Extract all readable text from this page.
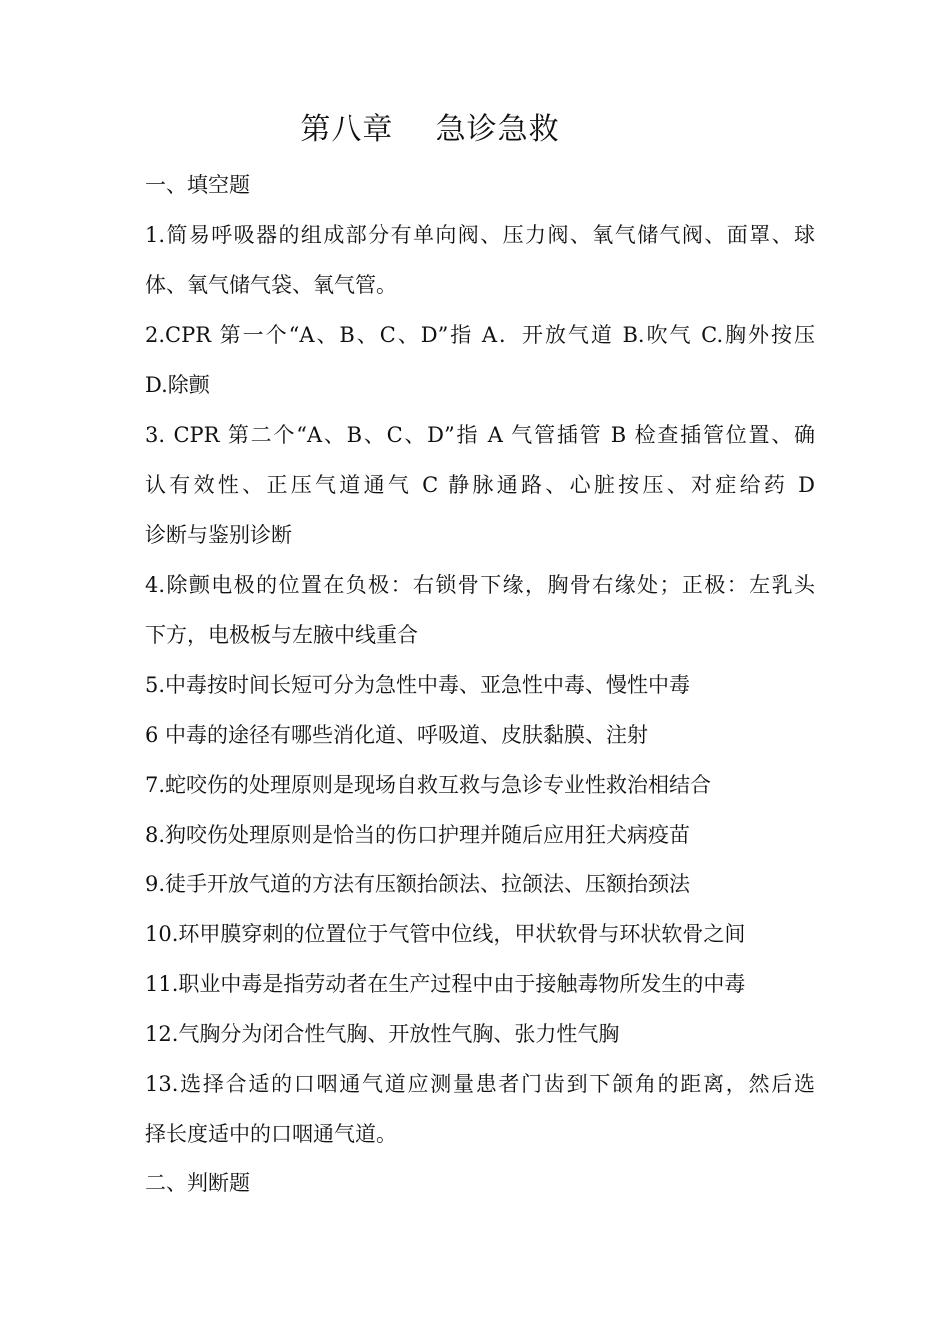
第八章    急诊急救
一、填空题
1.简易呼吸器的组成部分有单向阀、压力阀、氧气储气阀、面罩、球
体、氧气储气袋、氧气管。
2.CPR 第一个“A、B、C、D”指 A．开放气道 B.吹气 C.胸外按压
D.除颤
3. CPR 第二个“A、B、C、D”指 A 气管插管 B 检查插管位置、确
认有效性、正压气道通气 C 静脉通路、心脏按压、对症给药 D
诊断与鉴别诊断
4.除颤电极的位置在负极：右锁骨下缘，胸骨右缘处；正极：左乳头
下方，电极板与左腋中线重合
5.中毒按时间长短可分为急性中毒、亚急性中毒、慢性中毒
6 中毒的途径有哪些消化道、呼吸道、皮肤黏膜、注射
7.蛇咬伤的处理原则是现场自救互救与急诊专业性救治相结合
8.狗咬伤处理原则是恰当的伤口护理并随后应用狂犬病疫苗
9.徒手开放气道的方法有压额抬颌法、拉颌法、压额抬颈法
10.环甲膜穿刺的位置位于气管中位线，甲状软骨与环状软骨之间
11.职业中毒是指劳动者在生产过程中由于接触毒物所发生的中毒
12.气胸分为闭合性气胸、开放性气胸、张力性气胸
13.选择合适的口咽通气道应测量患者门齿到下颌角的距离，然后选
择长度适中的口咽通气道。
二、判断题
